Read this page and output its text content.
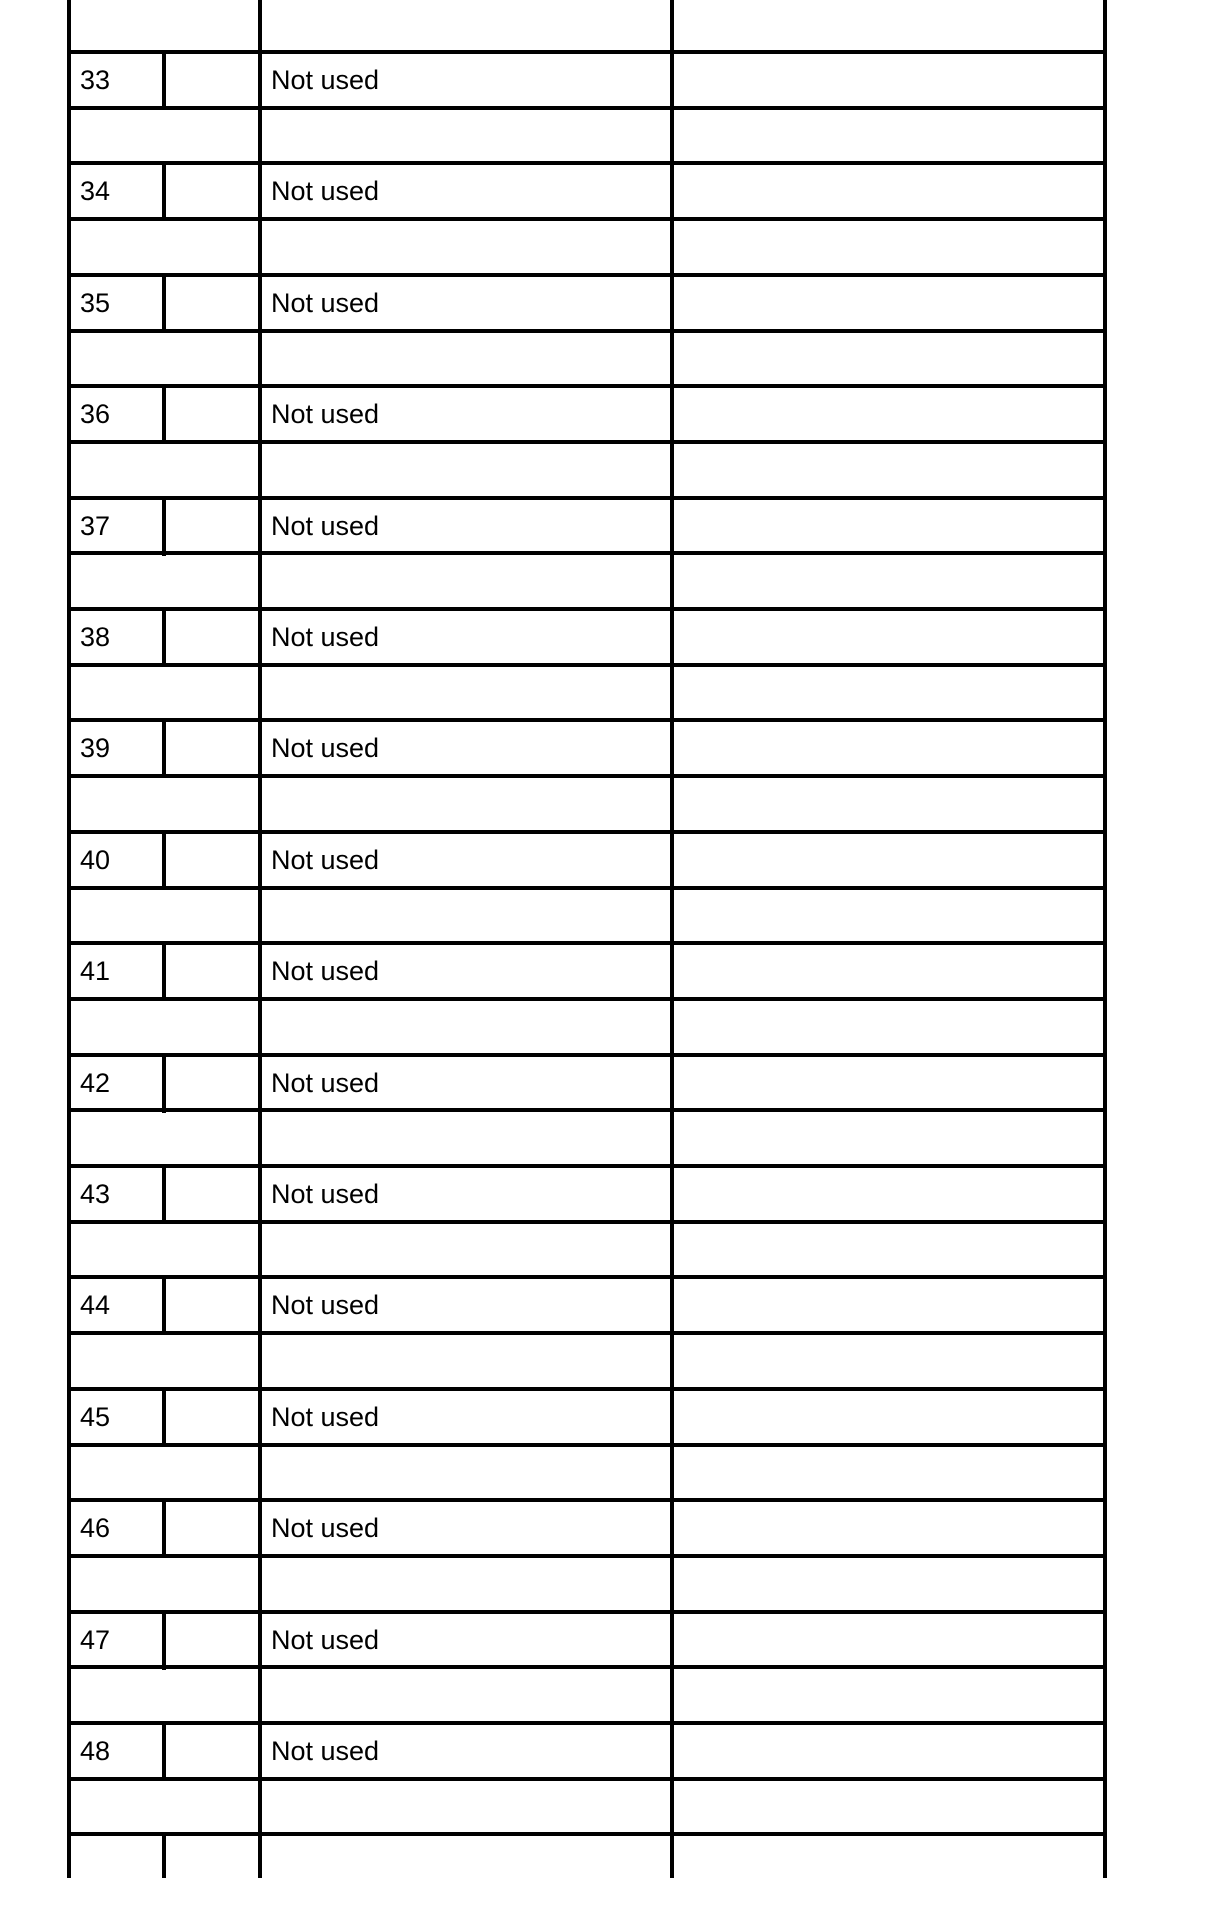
33	Not used
34	Not used
35	Not used
36	Not used
37	Not used
38	Not used
39	Not used
40	Not used
41	Not used
42	Not used
43	Not used
44	Not used
45	Not used
46	Not used
47	Not used
48	Not used
